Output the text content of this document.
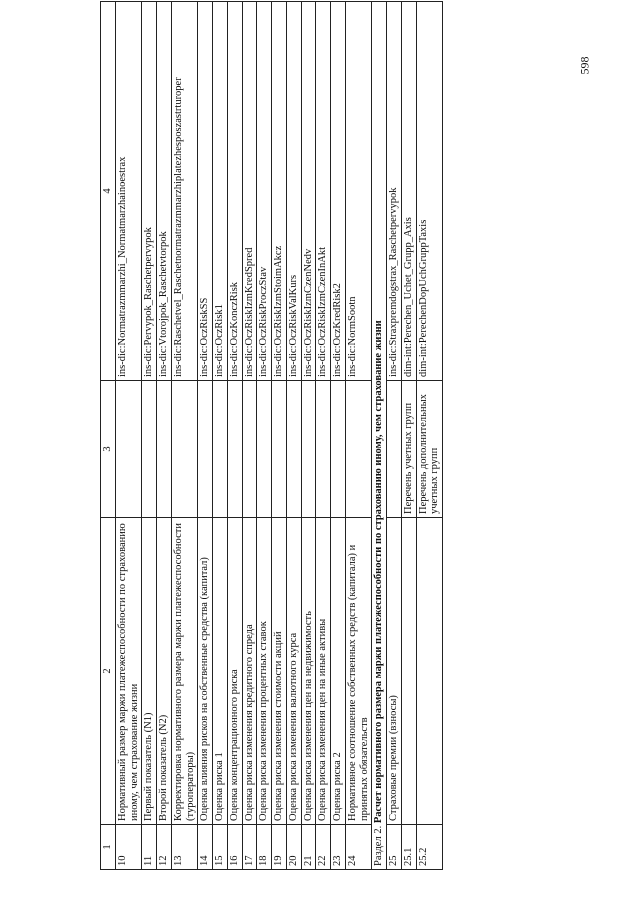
598
1	2	3	4
10	Нормативный размер маржи платежеспособности по страхованию иному, чем страхование жизни		ins-dic:Normatrazmmarzhi_Normatmarzhainoestrax
11	Первый показатель (N1)		ins-dic:Pervypok_Raschetpervypok
12	Второй показатель (N2)		ins-dic:Vtorojpok_Raschetvtorpok
13	Корректировка нормативного размера маржи платежеспособности (туроператоры)		ins-dic:Raschetvel_Raschetnormatrazmmarzhiplatezhesposzastrturoper
14	Оценка влияния рисков на собственные средства (капитал)		ins-dic:OczRiskSS
15	Оценка риска 1		ins-dic:OczRisk1
16	Оценка концентрационного риска		ins-dic:OczKonczRisk
17	Оценка риска изменения кредитного спреда		ins-dic:OczRiskIzmKredSpred
18	Оценка риска изменения процентных ставок		ins-dic:OczRiskProczStav
19	Оценка риска изменения стоимости акций		ins-dic:OczRiskIzmStoimAkcz
20	Оценка риска изменения валютного курса		ins-dic:OczRiskValKurs
21	Оценка риска изменения цен на недвижимость		ins-dic:OczRiskIzmCzenNedv
22	Оценка риска изменения цен на иные активы		ins-dic:OczRiskIzmCzenInAkt
23	Оценка риска 2		ins-dic:OczKredRisk2
24	Нормативное соотношение собственных средств (капитала) и принятых обязательств		ins-dic:NormSootn
Раздел 2. Расчет нормативного размера маржи платежеспособности по страхованию иному, чем страхование жизни			
25	Страховые премии (взносы)		ins-dic:Straxpremdogstrax_Raschetpervypok
25.1		Перечень учетных групп	dim-int:Perechen_Uchet_Grupp_Axis
25.2		Перечень дополнительных учетных групп	dim-int:PerechenDopUchGruppTaxis
